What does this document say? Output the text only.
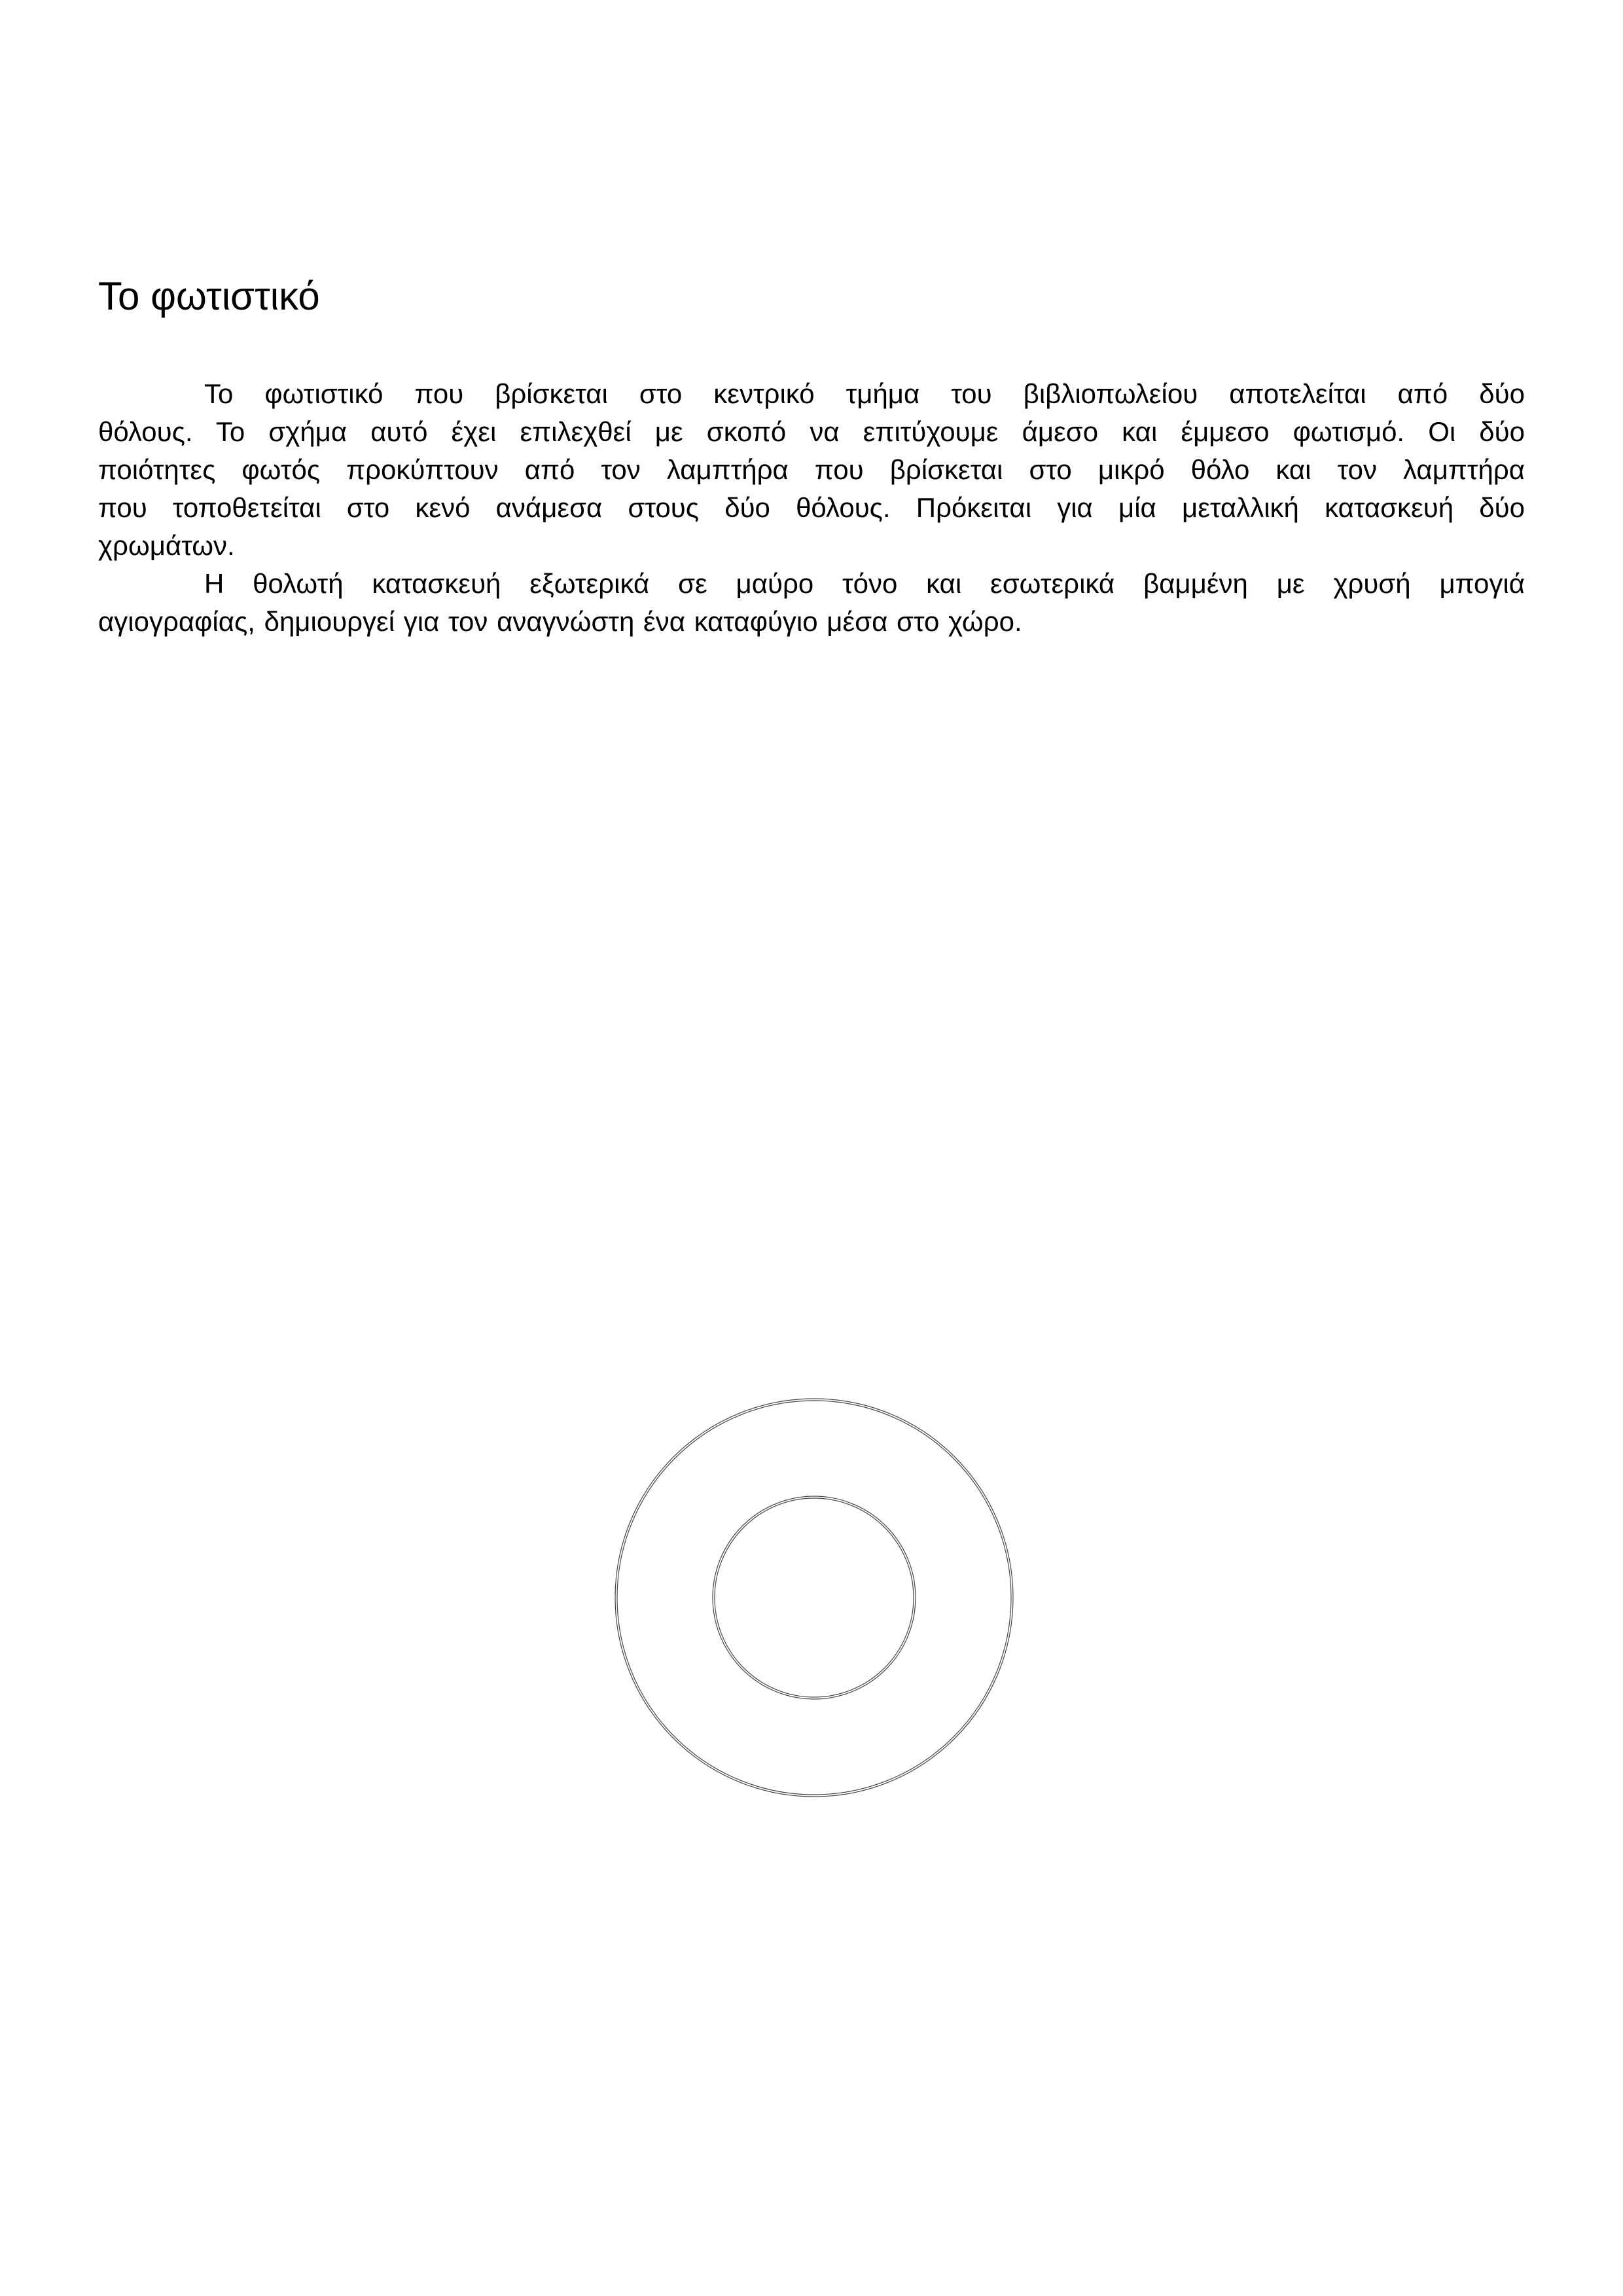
Το φωτιστικό
Το φωτιστικό που βρίσκεται στο κεντρικό τμήμα του βιβλιοπωλείου αποτελείται από δύο
θόλους. Το σχήμα αυτό έχει επιλεχθεί με σκοπό να επιτύχουμε άμεσο και έμμεσο φωτισμό. Οι δύο
ποιότητες φωτός προκύπτουν από τον λαμπτήρα που βρίσκεται στο μικρό θόλο και τον λαμπτήρα
που τοποθετείται στο κενό ανάμεσα στους δύο θόλους. Πρόκειται για μία μεταλλική κατασκευή δύο
χρωμάτων.
Η θολωτή κατασκευή εξωτερικά σε μαύρο τόνο και εσωτερικά βαμμένη με χρυσή μπογιά
αγιογραφίας, δημιουργεί για τον αναγνώστη ένα καταφύγιο μέσα στο χώρο.
